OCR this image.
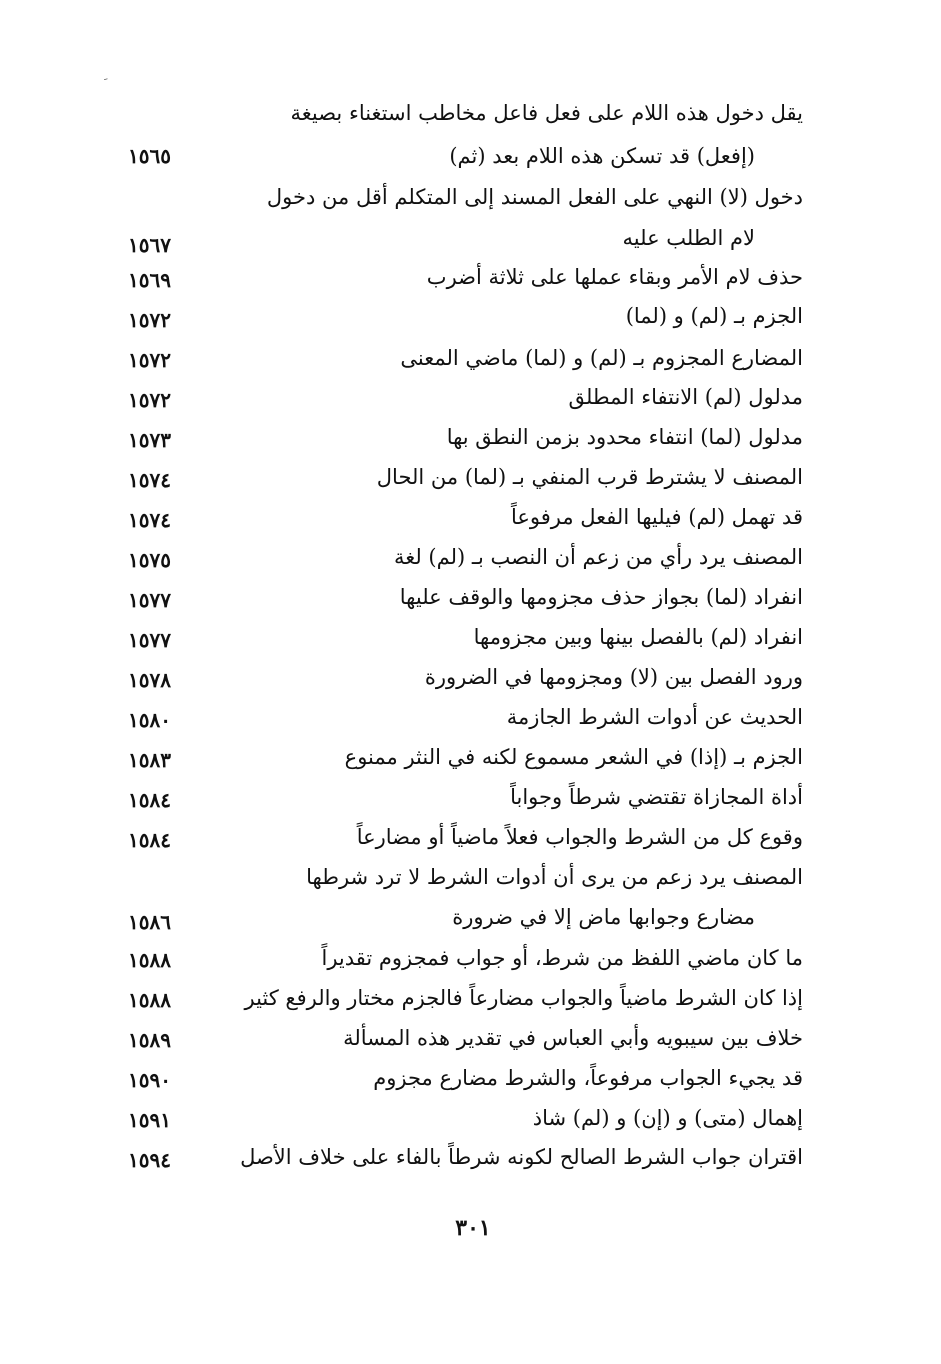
ﹶ
يقل دخول هذه اللام على فعل فاعل مخاطب استغناء بصيغة
(إفعل) قد تسكن هذه اللام بعد (ثم)
١٥٦٥
دخول (لا) النهي على الفعل المسند إلى المتكلم أقل من دخول
لام الطلب عليه
١٥٦٧
حذف لام الأمر وبقاء عملها على ثلاثة أضرب
١٥٦٩
الجزم بـ (لم) و (لما)
١٥٧٢
المضارع المجزوم بـ (لم) و (لما) ماضي المعنى
١٥٧٢
مدلول (لم) الانتفاء المطلق
١٥٧٢
مدلول (لما) انتفاء محدود بزمن النطق بها
١٥٧٣
المصنف لا يشترط قرب المنفي بـ (لما) من الحال
١٥٧٤
قد تهمل (لم) فيليها الفعل مرفوعاً
١٥٧٤
المصنف يرد رأي من زعم أن النصب بـ (لم) لغة
١٥٧٥
انفراد (لما) بجواز حذف مجزومها والوقف عليها
١٥٧٧
انفراد (لم) بالفصل بينها وبين مجزومها
١٥٧٧
ورود الفصل بين (لا) ومجزومها في الضرورة
١٥٧٨
الحديث عن أدوات الشرط الجازمة
١٥٨٠
الجزم بـ (إذا) في الشعر مسموع لكنه في النثر ممنوع
١٥٨٣
أداة المجازاة تقتضي شرطاً وجواباً
١٥٨٤
وقوع كل من الشرط والجواب فعلاً ماضياً أو مضارعاً
١٥٨٤
المصنف يرد زعم من يرى أن أدوات الشرط لا ترد شرطها
مضارع وجوابها ماض إلا في ضرورة
١٥٨٦
ما كان ماضي اللفظ من شرط، أو جواب فمجزوم تقديراً
١٥٨٨
إذا كان الشرط ماضياً والجواب مضارعاً فالجزم مختار والرفع كثير
١٥٨٨
خلاف بين سيبويه وأبي العباس في تقدير هذه المسألة
١٥٨٩
قد يجيء الجواب مرفوعاً، والشرط مضارع مجزوم
١٥٩٠
إهمال (متى) و (إن) و (لم) شاذ
١٥٩١
اقتران جواب الشرط الصالح لكونه شرطاً بالفاء على خلاف الأصل
١٥٩٤
٣٠١
